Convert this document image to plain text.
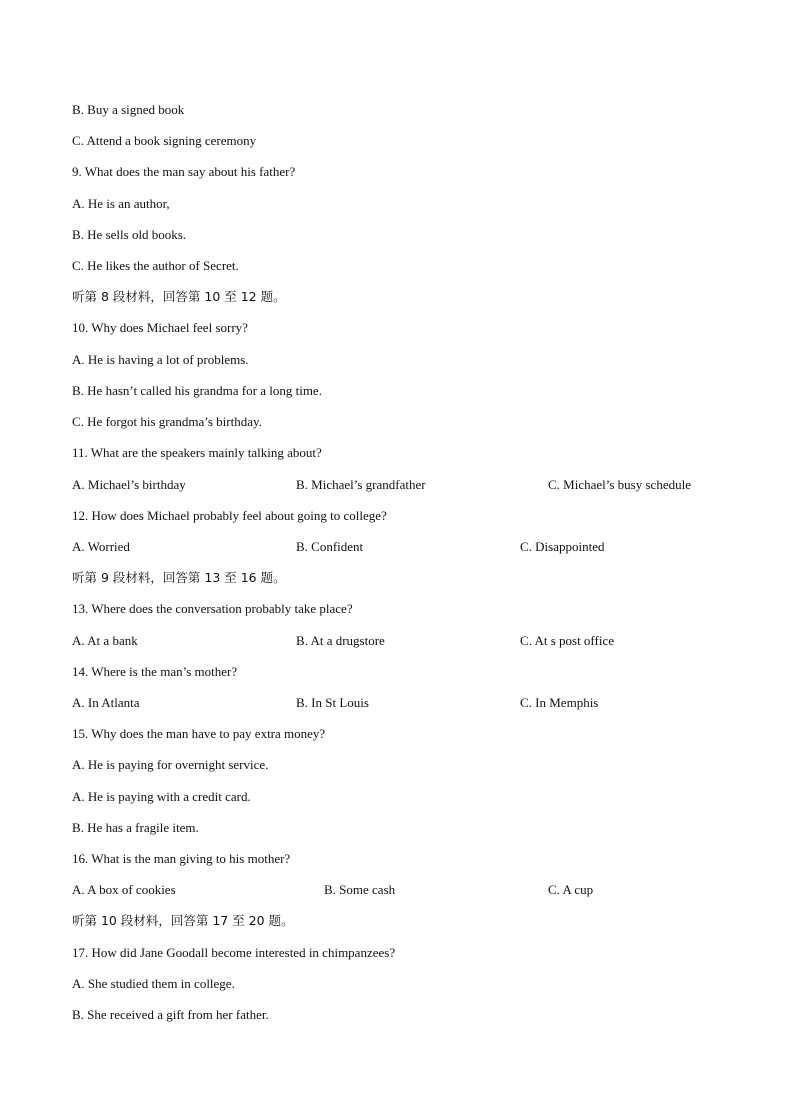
B. Buy a signed book
C. Attend a book signing ceremony
9. What does the man say about his father?
A. He is an author,
B. He sells old books.
C. He likes the author of Secret.
听第 8 段材料，回答第 10 至 12 题。
10. Why does Michael feel sorry?
A. He is having a lot of problems.
B. He hasn’t called his grandma for a long time.
C. He forgot his grandma’s birthday.
11. What are the speakers mainly talking about?
A. Michael’s birthday	B. Michael’s grandfather	C. Michael’s busy schedule
12. How does Michael probably feel about going to college?
A. Worried	B. Confident	C. Disappointed
听第 9 段材料，回答第 13 至 16 题。
13. Where does the conversation probably take place?
A. At a bank	B. At a drugstore	C. At s post office
14. Where is the man’s mother?
A. In Atlanta	B. In St Louis	C. In Memphis
15. Why does the man have to pay extra money?
A. He is paying for overnight service.
A. He is paying with a credit card.
B. He has a fragile item.
16. What is the man giving to his mother?
A. A box of cookies	B. Some cash	C. A cup
听第 10 段材料，回答第 17 至 20 题。
17. How did Jane Goodall become interested in chimpanzees?
A. She studied them in college.
B. She received a gift from her father.
